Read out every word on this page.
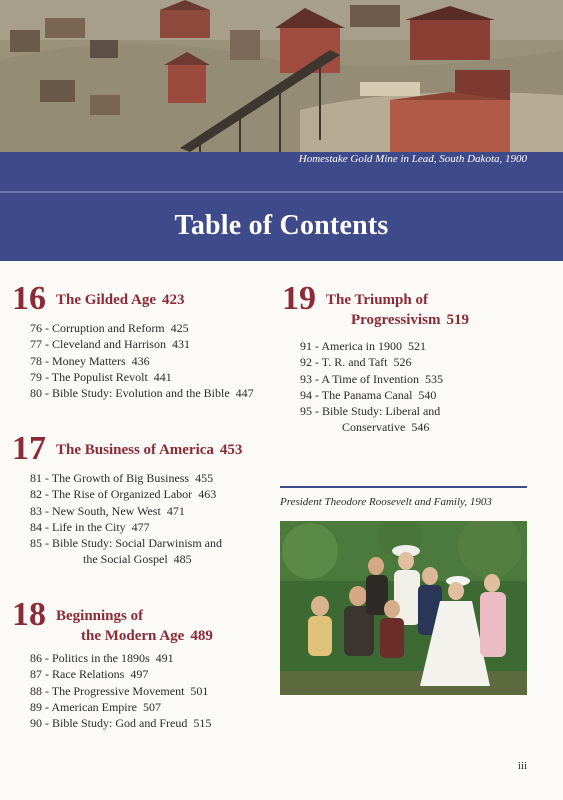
Homestake Gold Mine in Lead, South Dakota, 1900
Table of Contents
16 The Gilded Age 423
76 - Corruption and Reform 425
77 - Cleveland and Harrison 431
78 - Money Matters 436
79 - The Populist Revolt 441
80 - Bible Study: Evolution and the Bible 447
17 The Business of America 453
81 - The Growth of Big Business 455
82 - The Rise of Organized Labor 463
83 - New South, New West 471
84 - Life in the City 477
85 - Bible Study: Social Darwinism and
the Social Gospel 485
18 Beginnings of
the Modern Age 489
86 - Politics in the 1890s 491
87 - Race Relations 497
88 - The Progressive Movement 501
89 - American Empire 507
90 - Bible Study: God and Freud 515
19 The Triumph of
Progressivism 519
91 - America in 1900 521
92 - T. R. and Taft 526
93 - A Time of Invention 535
94 - The Panama Canal 540
95 - Bible Study: Liberal and
Conservative 546
President Theodore Roosevelt and Family, 1903
iii
